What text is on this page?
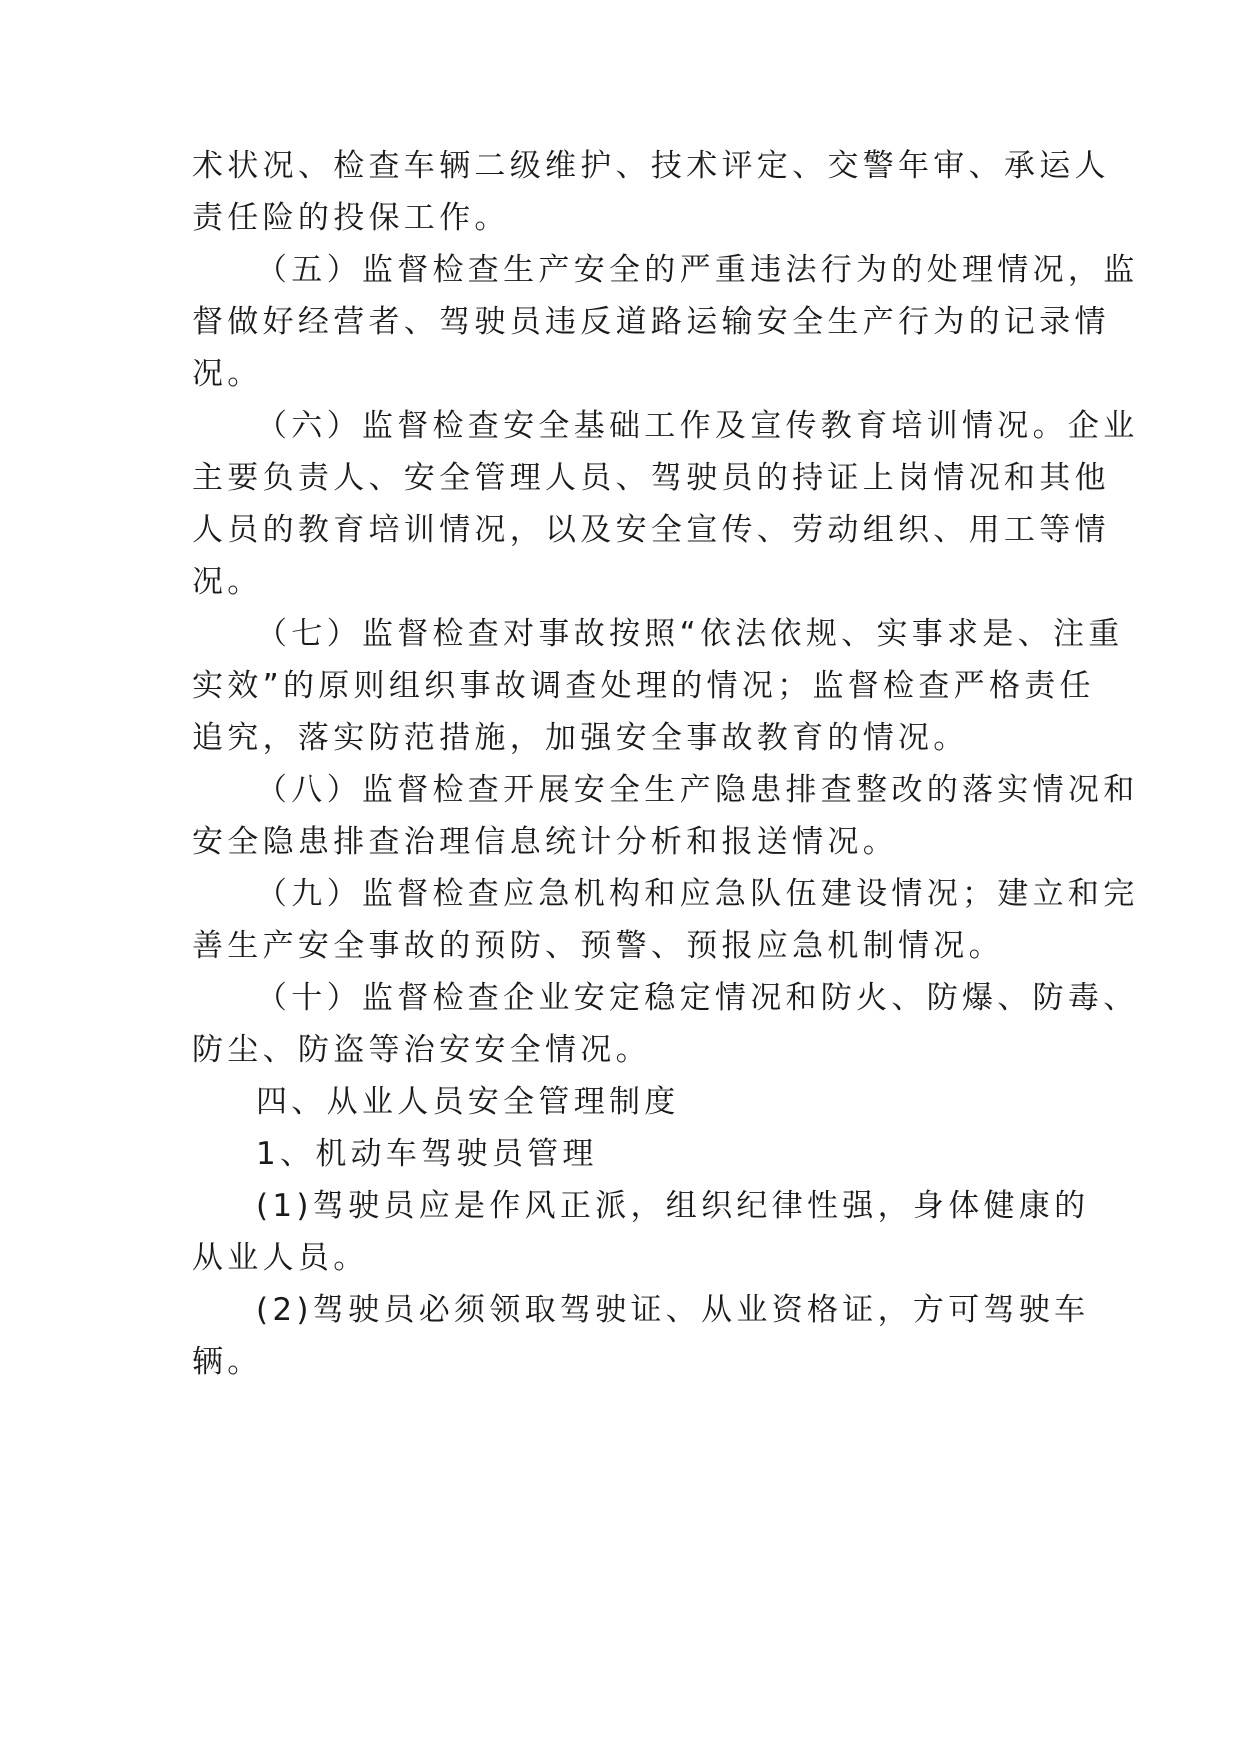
术状况、检查车辆二级维护、技术评定、交警年审、承运人
责任险的投保工作。
（五）监督检查生产安全的严重违法行为的处理情况，监
督做好经营者、驾驶员违反道路运输安全生产行为的记录情
况。
（六）监督检查安全基础工作及宣传教育培训情况。企业
主要负责人、安全管理人员、驾驶员的持证上岗情况和其他
人员的教育培训情况，以及安全宣传、劳动组织、用工等情
况。
（七）监督检查对事故按照“依法依规、实事求是、注重
实效”的原则组织事故调查处理的情况；监督检查严格责任
追究，落实防范措施，加强安全事故教育的情况。
（八）监督检查开展安全生产隐患排查整改的落实情况和
安全隐患排查治理信息统计分析和报送情况。
（九）监督检查应急机构和应急队伍建设情况；建立和完
善生产安全事故的预防、预警、预报应急机制情况。
（十）监督检查企业安定稳定情况和防火、防爆、防毒、
防尘、防盗等治安安全情况。
四、从业人员安全管理制度
1、机动车驾驶员管理
(1)驾驶员应是作风正派，组织纪律性强，身体健康的
从业人员。
(2)驾驶员必须领取驾驶证、从业资格证，方可驾驶车
辆。
